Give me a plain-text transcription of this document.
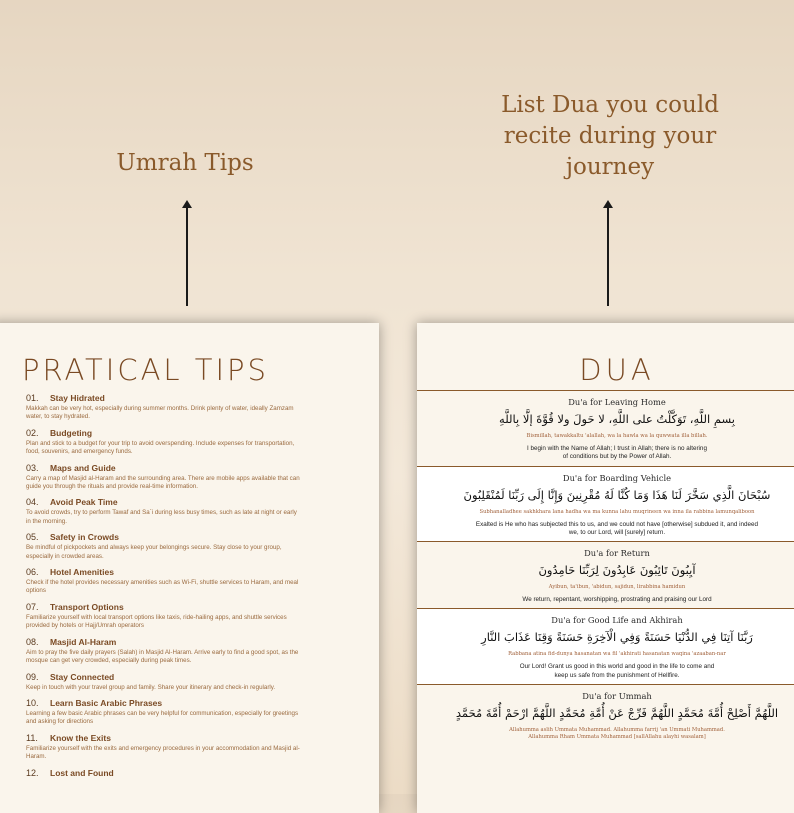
Umrah Tips
List Dua you could
recite during your
journey
PRATICAL TIPS
01. Stay Hidrated
Makkah can be very hot, especially during summer months. Drink plenty of water, ideally Zamzam
water, to stay hydrated.
02. Budgeting
Plan and stick to a budget for your trip to avoid overspending. Include expenses for transportation,
food, souvenirs, and emergency funds.
03. Maps and Guide
Carry a map of Masjid al-Haram and the surrounding area. There are mobile apps available that can
guide you through the rituals and provide real-time information.
04. Avoid Peak Time
To avoid crowds, try to perform Tawaf and Sa`i during less busy times, such as late at night or early
in the morning.
05. Safety in Crowds
Be mindful of pickpockets and always keep your belongings secure. Stay close to your group,
especially in crowded areas.
06. Hotel Amenities
Check if the hotel provides necessary amenities such as Wi-Fi, shuttle services to Haram, and meal
options
07. Transport Options
Familiarize yourself with local transport options like taxis, ride-hailing apps, and shuttle services
provided by hotels or Hajj/Umrah operators
08. Masjid Al-Haram
Aim to pray the five daily prayers (Salah) in Masjid Al-Haram. Arrive early to find a good spot, as the
mosque can get very crowded, especially during peak times.
09. Stay Connected
Keep in touch with your travel group and family. Share your itinerary and check-in regularly.
10. Learn Basic Arabic Phrases
Learning a few basic Arabic phrases can be very helpful for communication, especially for greetings
and asking for directions
11. Know the Exits
Familiarize yourself with the exits and emergency procedures in your accommodation and Masjid al-
Haram.
12. Lost and Found
DUA
Du'a for Leaving Home
بِسمِ اللَّهِ، تَوَكَّلْتُ على اللَّهِ، لا حَولَ ولا قُوَّةَ إلَّا بِاللَّهِ
Bismillah, tawakkaltu 'alallah, wa la hawla wa la quwwata illa billah.
I begin with the Name of Allah; I trust in Allah; there is no altering
of conditions but by the Power of Allah.
Du'a for Boarding Vehicle
سُبْحَانَ الَّذِي سَخَّرَ لَنَا هَذَا وَمَا كُنَّا لَهُ مُقْرِنِينَ وَإِنَّا إِلَى رَبِّنَا لَمُنْقَلِبُونَ
Subhanalladhee sakhkhara lana hadha wa ma kunna lahu muqrineen wa inna ila rabbina lamunqaliboon
Exalted is He who has subjected this to us, and we could not have [otherwise] subdued it, and indeed
we, to our Lord, will [surely] return.
Du'a for Return
آيِبُونَ تَائِبُونَ عَابِدُونَ لِرَبِّنَا حَامِدُونَ
Ayibun, ta'ibun, 'abidun, sajidun, lirabbina hamidun
We return, repentant, worshipping, prostrating and praising our Lord
Du'a for Good Life and Akhirah
رَبَّنَا آتِنَا فِي الدُّنْيَا حَسَنَةً وَفِي الْآخِرَةِ حَسَنَةً وَقِنَا عَذَابَ النَّارِ
Rabbana atina fid-dunya hasanatan wa fil 'akhirati hasanatan waqina 'azaaban-nar
Our Lord! Grant us good in this world and good in the life to come and
keep us safe from the punishment of Hellfire.
Du'a for Ummah
اللَّهُمَّ أَصْلِحْ أُمَّةَ مُحَمَّدٍ اللَّهُمَّ فَرِّجْ عَنْ أُمَّةِ مُحَمَّدٍ اللَّهُمَّ ارْحَمْ أُمَّةَ مُحَمَّدٍ
Allahumma aslih Ummata Muhammad. Allahumma farrij 'an Ummati Muhammad.
Allahumma Rham Ummata Muhammad [sallAllahu alayhi wasalam]
